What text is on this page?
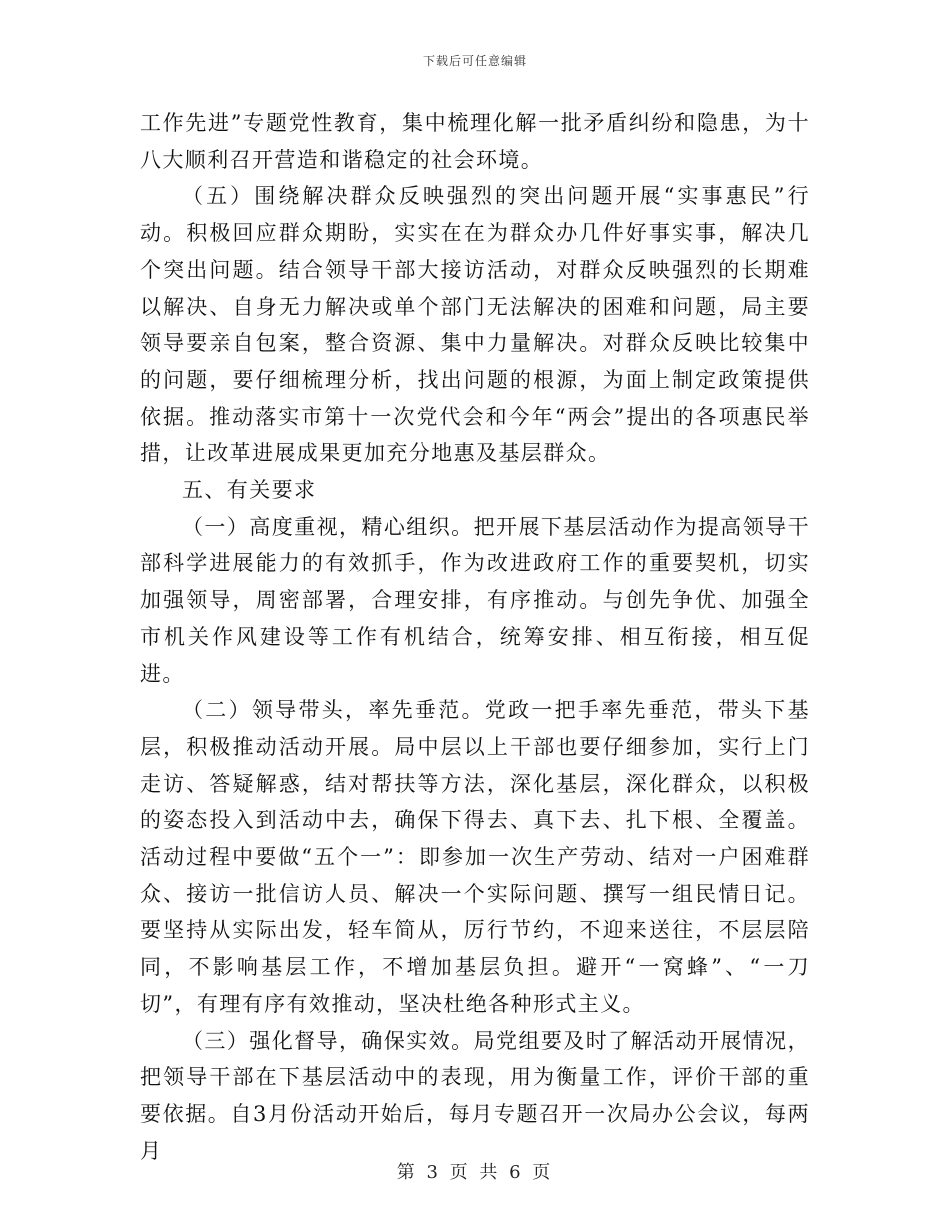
下载后可任意编辑

工作先进”专题党性教育，集中梳理化解一批矛盾纠纷和隐患，为十八大顺利召开营造和谐稳定的社会环境。

（五）围绕解决群众反映强烈的突出问题开展“实事惠民”行动。积极回应群众期盼，实实在在为群众办几件好事实事，解决几个突出问题。结合领导干部大接访活动，对群众反映强烈的长期难以解决、自身无力解决或单个部门无法解决的困难和问题，局主要领导要亲自包案，整合资源、集中力量解决。对群众反映比较集中的问题，要仔细梳理分析，找出问题的根源，为面上制定政策提供依据。推动落实市第十一次党代会和今年“两会”提出的各项惠民举措，让改革进展成果更加充分地惠及基层群众。

五、有关要求

（一）高度重视，精心组织。把开展下基层活动作为提高领导干部科学进展能力的有效抓手，作为改进政府工作的重要契机，切实加强领导，周密部署，合理安排，有序推动。与创先争优、加强全市机关作风建设等工作有机结合，统筹安排、相互衔接，相互促进。

（二）领导带头，率先垂范。党政一把手率先垂范，带头下基层，积极推动活动开展。局中层以上干部也要仔细参加，实行上门走访、答疑解惑，结对帮扶等方法，深化基层，深化群众，以积极的姿态投入到活动中去，确保下得去、真下去、扎下根、全覆盖。活动过程中要做“五个一”：即参加一次生产劳动、结对一户困难群众、接访一批信访人员、解决一个实际问题、撰写一组民情日记。要坚持从实际出发，轻车简从，厉行节约，不迎来送往，不层层陪同，不影响基层工作，不增加基层负担。避开“一窝蜂”、“一刀切”，有理有序有效推动，坚决杜绝各种形式主义。

（三）强化督导，确保实效。局党组要及时了解活动开展情况，把领导干部在下基层活动中的表现，用为衡量工作，评价干部的重要依据。自3月份活动开始后，每月专题召开一次局办公会议，每两月

第 3 页 共 6 页
